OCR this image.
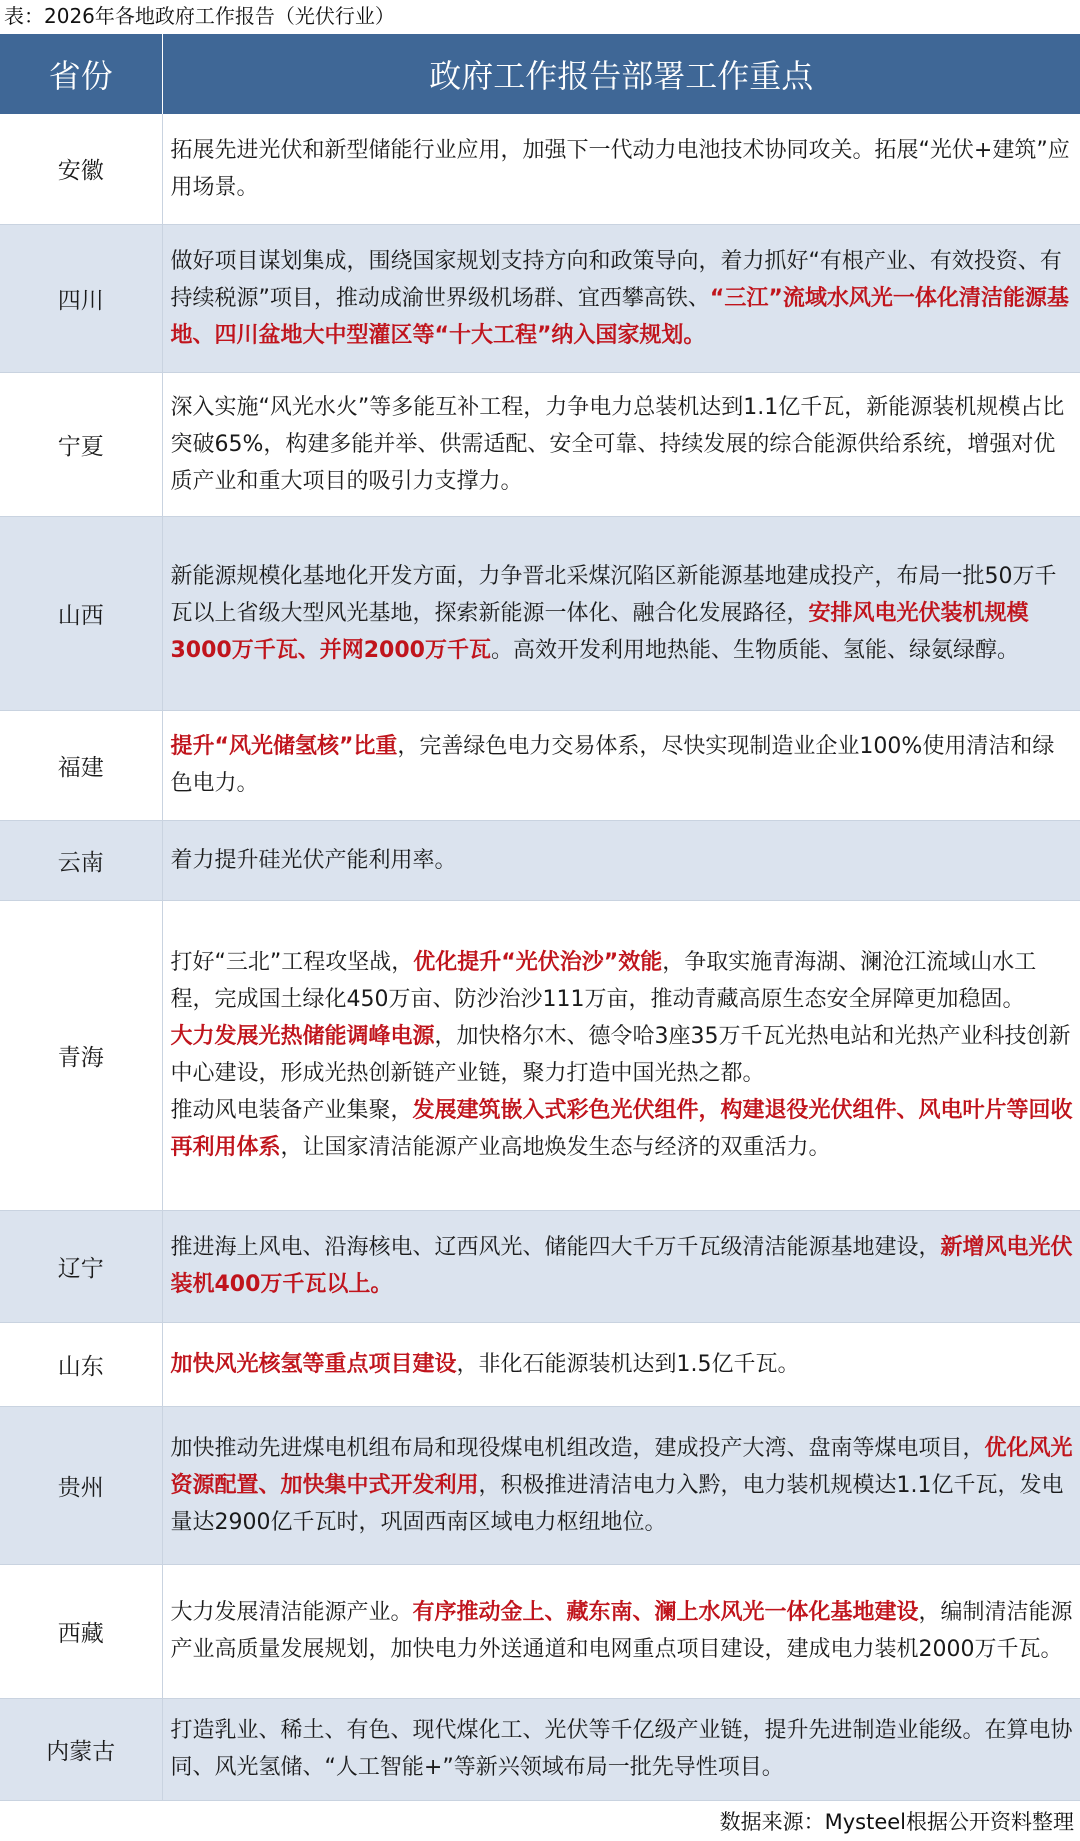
表：2026年各地政府工作报告（光伏行业）
省份	政府工作报告部署工作重点
安徽	拓展先进光伏和新型储能行业应用，加强下一代动力电池技术协同攻关。拓展“光伏+建筑”应用场景。

四川	做好项目谋划集成，围绕国家规划支持方向和政策导向，着力抓好“有根产业、有效投资、有持续税源”项目，推动成渝世界级机场群、宜西攀高铁、“三江”流域水风光一体化清洁能源基地、四川盆地大中型灌区等“十大工程”纳入国家规划。

宁夏	深入实施“风光水火”等多能互补工程，力争电力总装机达到1.1亿千瓦，新能源装机规模占比突破65%，构建多能并举、供需适配、安全可靠、持续发展的综合能源供给系统，增强对优质产业和重大项目的吸引力支撑力。

山西	新能源规模化基地化开发方面，力争晋北采煤沉陷区新能源基地建成投产，布局一批50万千瓦以上省级大型风光基地，探索新能源一体化、融合化发展路径，安排风电光伏装机规模3000万千瓦、并网2000万千瓦。高效开发利用地热能、生物质能、氢能、绿氨绿醇。

福建	提升“风光储氢核”比重，完善绿色电力交易体系，尽快实现制造业企业100%使用清洁和绿色电力。

云南	着力提升硅光伏产能利用率。

青海	打好“三北”工程攻坚战，优化提升“光伏治沙”效能，争取实施青海湖、澜沧江流域山水工程，完成国土绿化450万亩、防沙治沙111万亩，推动青藏高原生态安全屏障更加稳固。
大力发展光热储能调峰电源，加快格尔木、德令哈3座35万千瓦光热电站和光热产业科技创新中心建设，形成光热创新链产业链，聚力打造中国光热之都。
推动风电装备产业集聚，发展建筑嵌入式彩色光伏组件，构建退役光伏组件、风电叶片等回收再利用体系，让国家清洁能源产业高地焕发生态与经济的双重活力。

辽宁	推进海上风电、沿海核电、辽西风光、储能四大千万千瓦级清洁能源基地建设，新增风电光伏装机400万千瓦以上。

山东	加快风光核氢等重点项目建设，非化石能源装机达到1.5亿千瓦。

贵州	加快推动先进煤电机组布局和现役煤电机组改造，建成投产大湾、盘南等煤电项目，优化风光资源配置、加快集中式开发利用，积极推进清洁电力入黔，电力装机规模达1.1亿千瓦，发电量达2900亿千瓦时，巩固西南区域电力枢纽地位。

西藏	大力发展清洁能源产业。有序推动金上、藏东南、澜上水风光一体化基地建设，编制清洁能源产业高质量发展规划，加快电力外送通道和电网重点项目建设，建成电力装机2000万千瓦。

内蒙古	打造乳业、稀土、有色、现代煤化工、光伏等千亿级产业链，提升先进制造业能级。在算电协同、风光氢储、“人工智能+”等新兴领域布局一批先导性项目。
数据来源：Mysteel根据公开资料整理
